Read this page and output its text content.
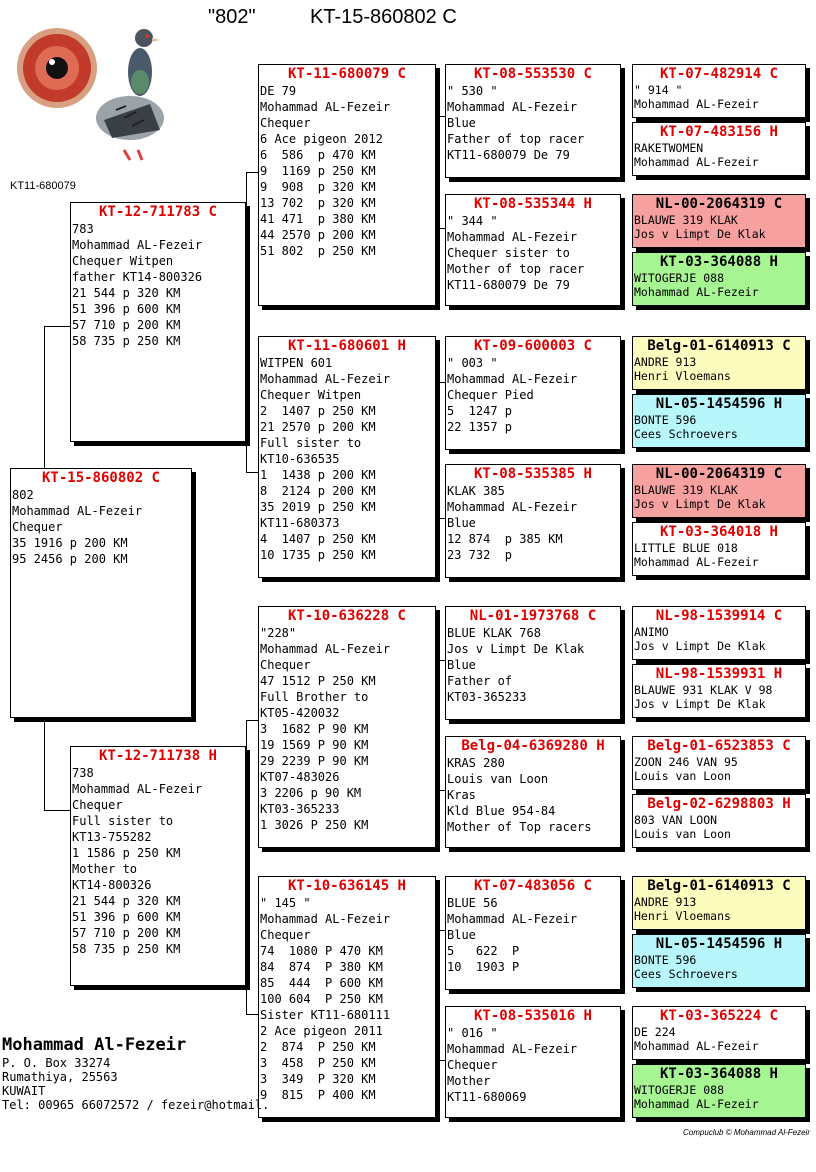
"802"	KT-15-860802 C
KT11-680079
KT-15-860802 C
802
Mohammad AL-Fezeir
Chequer
35 1916 p 200 KM
95 2456 p 200 KM
KT-12-711783 C
783
Mohammad AL-Fezeir
Chequer Witpen
father KT14-800326
21 544 p 320 KM
51 396 p 600 KM
57 710 p 200 KM
58 735 p 250 KM
KT-12-711738 H
738
Mohammad AL-Fezeir
Chequer
Full sister to
KT13-755282
1 1586 p 250 KM
Mother to
KT14-800326
21 544 p 320 KM
51 396 p 600 KM
57 710 p 200 KM
58 735 p 250 KM
KT-11-680079 C
DE 79
Mohammad AL-Fezeir
Chequer
6 Ace pigeon 2012
6  586  p 470 KM
9  1169 p 250 KM
9  908  p 320 KM
13 702  p 320 KM
41 471  p 380 KM
44 2570 p 200 KM
51 802  p 250 KM
KT-11-680601 H
WITPEN 601
Mohammad AL-Fezeir
Chequer Witpen
2  1407 p 250 KM
21 2570 p 200 KM
Full sister to
KT10-636535
1  1438 p 200 KM
8  2124 p 200 KM
35 2019 p 250 KM
KT11-680373
4  1407 p 250 KM
10 1735 p 250 KM
KT-10-636228 C
"228"
Mohammad AL-Fezeir
Chequer
47 1512 P 250 KM
Full Brother to
KT05-420032
3  1682 P 90 KM
19 1569 P 90 KM
29 2239 P 90 KM
KT07-483026
3 2206 p 90 KM
KT03-365233
1 3026 P 250 KM
KT-10-636145 H
" 145 "
Mohammad AL-Fezeir
Chequer
74  1080 P 470 KM
84  874  P 380 KM
85  444  P 600 KM
100 604  P 250 KM
Sister KT11-680111
2 Ace pigeon 2011
2  874  P 250 KM
3  458  P 250 KM
3  349  P 320 KM
9  815  P 400 KM
KT-08-553530 C
" 530 "
Mohammad AL-Fezeir
Blue
Father of top racer
KT11-680079 De 79
KT-08-535344 H
" 344 "
Mohammad AL-Fezeir
Chequer sister to
Mother of top racer
KT11-680079 De 79
KT-09-600003 C
" 003 "
Mohammad AL-Fezeir
Chequer Pied
5  1247 p
22 1357 p
KT-08-535385 H
KLAK 385
Mohammad AL-Fezeir
Blue
12 874  p 385 KM
23 732  p
NL-01-1973768 C
BLUE KLAK 768
Jos v Limpt De Klak
Blue
Father of
KT03-365233
Belg-04-6369280 H
KRAS 280
Louis van Loon
Kras
Kld Blue 954-84
Mother of Top racers
KT-07-483056 C
BLUE 56
Mohammad AL-Fezeir
Blue
5   622  P
10  1903 P
KT-08-535016 H
" 016 "
Mohammad AL-Fezeir
Chequer
Mother
KT11-680069
KT-07-482914 C
" 914 "
Mohammad AL-Fezeir
KT-07-483156 H
RAKETWOMEN
Mohammad AL-Fezeir
NL-00-2064319 C
BLAUWE 319 KLAK
Jos v Limpt De Klak
KT-03-364088 H
WITOGERJE 088
Mohammad AL-Fezeir
Belg-01-6140913 C
ANDRE 913
Henri Vloemans
NL-05-1454596 H
BONTE 596
Cees Schroevers
NL-00-2064319 C
BLAUWE 319 KLAK
Jos v Limpt De Klak
KT-03-364018 H
LITTLE BLUE 018
Mohammad AL-Fezeir
NL-98-1539914 C
ANIMO
Jos v Limpt De Klak
NL-98-1539931 H
BLAUWE 931 KLAK V 98
Jos v Limpt De Klak
Belg-01-6523853 C
ZOON 246 VAN 95
Louis van Loon
Belg-02-6298803 H
803 VAN LOON
Louis van Loon
Belg-01-6140913 C
ANDRE 913
Henri Vloemans
NL-05-1454596 H
BONTE 596
Cees Schroevers
KT-03-365224 C
DE 224
Mohammad AL-Fezeir
KT-03-364088 H
WITOGERJE 088
Mohammad AL-Fezeir
Mohammad Al-Fezeir
P. O. Box 33274
Rumathiya, 25563
KUWAIT
Tel: 00965 66072572 / fezeir@hotmail.
Compuclub © Mohammad Al-Fezeir
